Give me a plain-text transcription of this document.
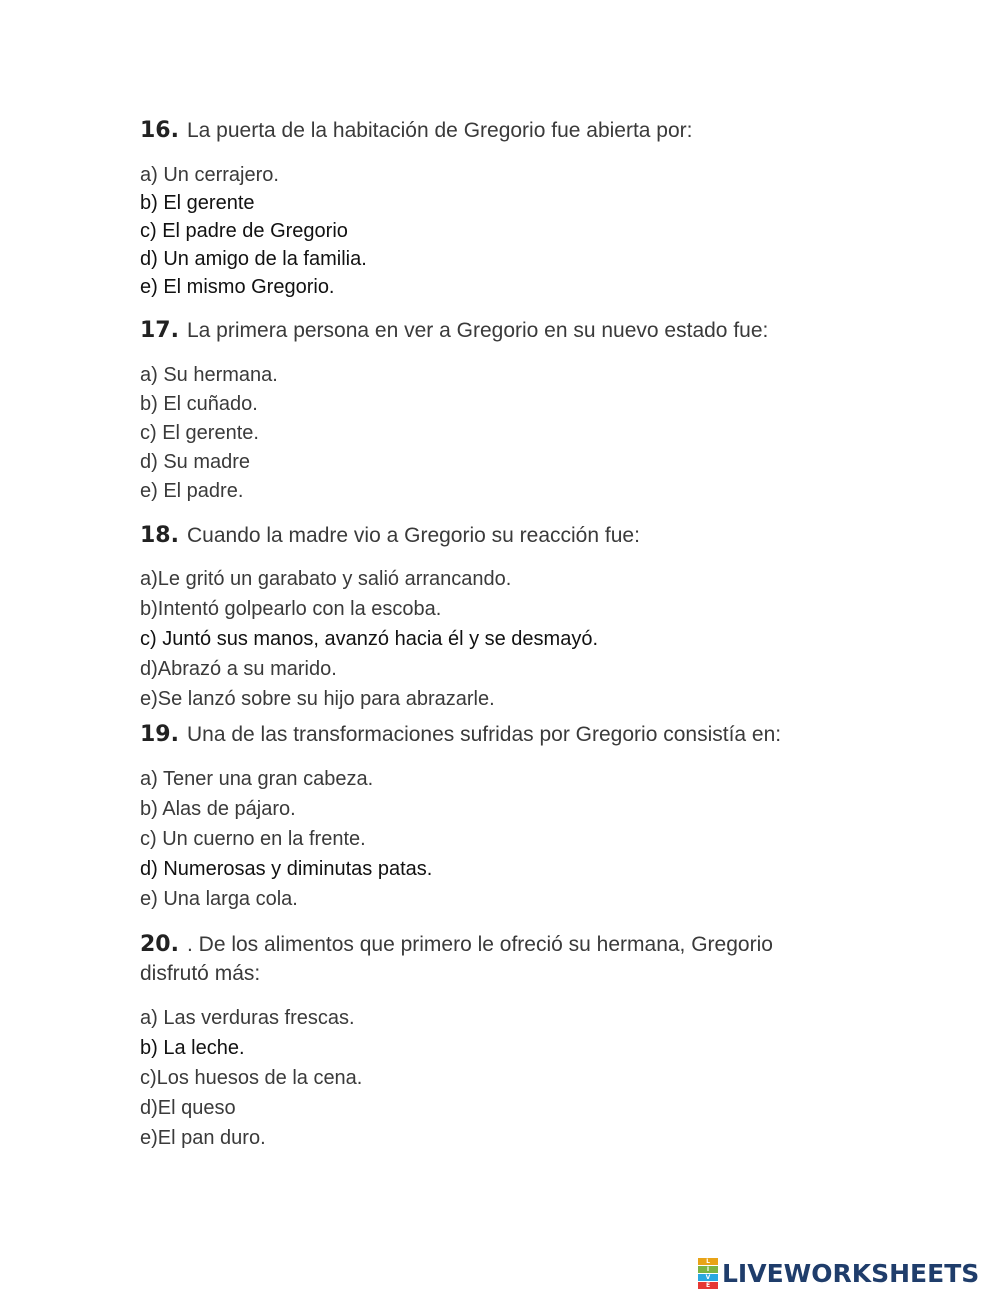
16. La puerta de la habitación de Gregorio fue abierta por:

a) Un cerrajero.
b) El gerente
c) El padre de Gregorio
d) Un amigo de la familia.
e) El mismo Gregorio.

17. La primera persona en ver a Gregorio en su nuevo estado fue:

a) Su hermana.
b) El cuñado.
c) El gerente.
d) Su madre
e) El padre.

18. Cuando la madre vio a Gregorio su reacción fue:

a)Le gritó un garabato y salió arrancando.
b)Intentó golpearlo con la escoba.
c) Juntó sus manos, avanzó hacia él y se desmayó.
d)Abrazó a su marido.
e)Se lanzó sobre su hijo para abrazarle.

19. Una de las transformaciones sufridas por Gregorio consistía en:

a) Tener una gran cabeza.
b) Alas de pájaro.
c) Un cuerno en la frente.
d) Numerosas y diminutas patas.
e) Una larga cola.

20. . De los alimentos que primero le ofreció su hermana, Gregorio disfrutó más:

a) Las verduras frescas.
b) La leche.
c)Los huesos de la cena.
d)El queso
e)El pan duro.
L
I
V
E LIVEWORKSHEETS
